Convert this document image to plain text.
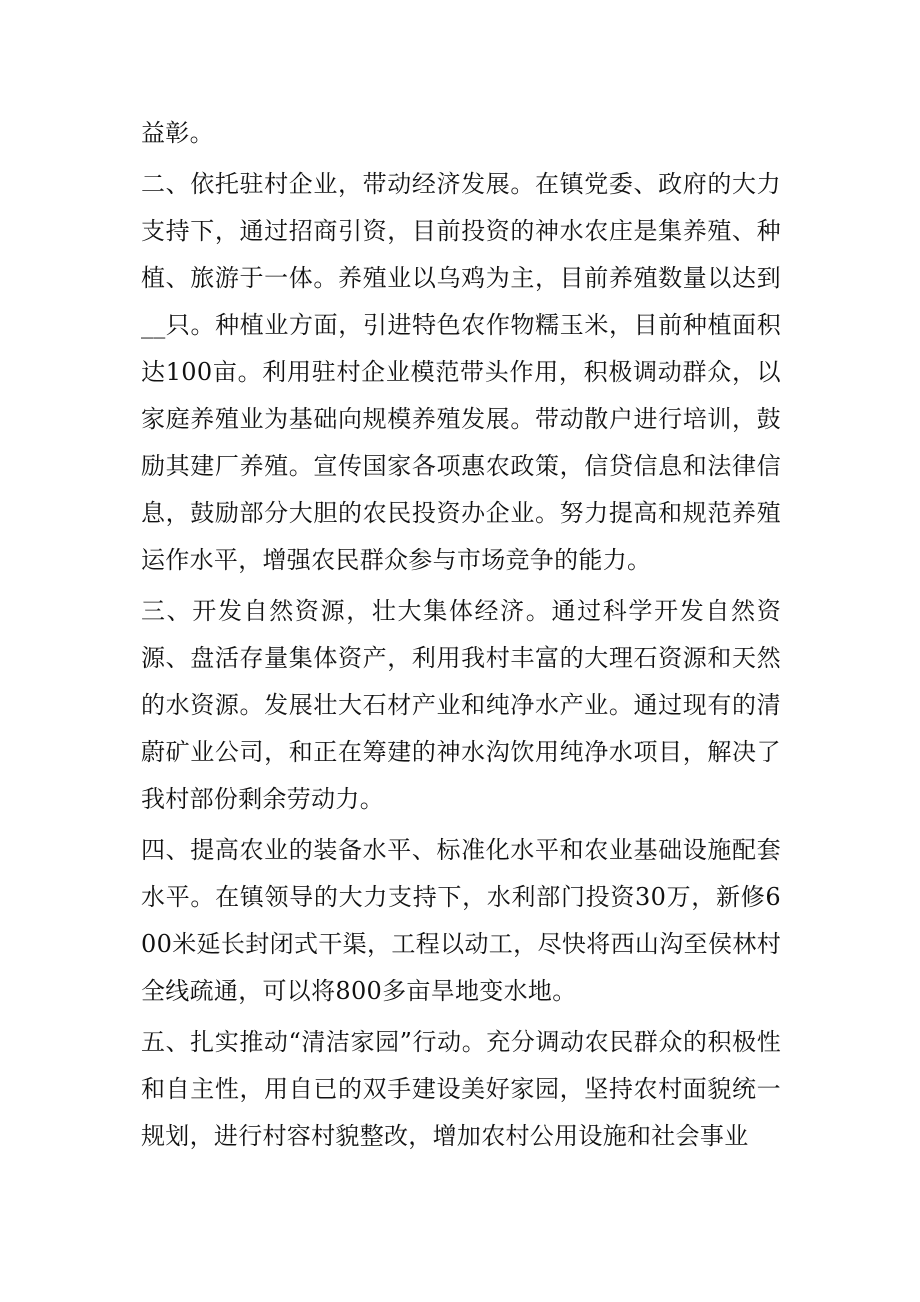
益彰。

二、依托驻村企业，带动经济发展。在镇党委、政府的大力支持下，通过招商引资，目前投资的神水农庄是集养殖、种植、旅游于一体。养殖业以乌鸡为主，目前养殖数量以达到__只。种植业方面，引进特色农作物糯玉米，目前种植面积达100亩。利用驻村企业模范带头作用，积极调动群众，以家庭养殖业为基础向规模养殖发展。带动散户进行培训，鼓励其建厂养殖。宣传国家各项惠农政策，信贷信息和法律信息，鼓励部分大胆的农民投资办企业。努力提高和规范养殖运作水平，增强农民群众参与市场竞争的能力。

三、开发自然资源，壮大集体经济。通过科学开发自然资源、盘活存量集体资产，利用我村丰富的大理石资源和天然的水资源。发展壮大石材产业和纯净水产业。通过现有的清蔚矿业公司，和正在筹建的神水沟饮用纯净水项目，解决了我村部份剩余劳动力。

四、提高农业的装备水平、标准化水平和农业基础设施配套水平。在镇领导的大力支持下，水利部门投资30万，新修600米延长封闭式干渠，工程以动工，尽快将西山沟至侯林村全线疏通，可以将800多亩旱地变水地。

五、扎实推动“清洁家园”行动。充分调动农民群众的积极性和自主性，用自已的双手建设美好家园，坚持农村面貌统一规划，进行村容村貌整改，增加农村公用设施和社会事业
